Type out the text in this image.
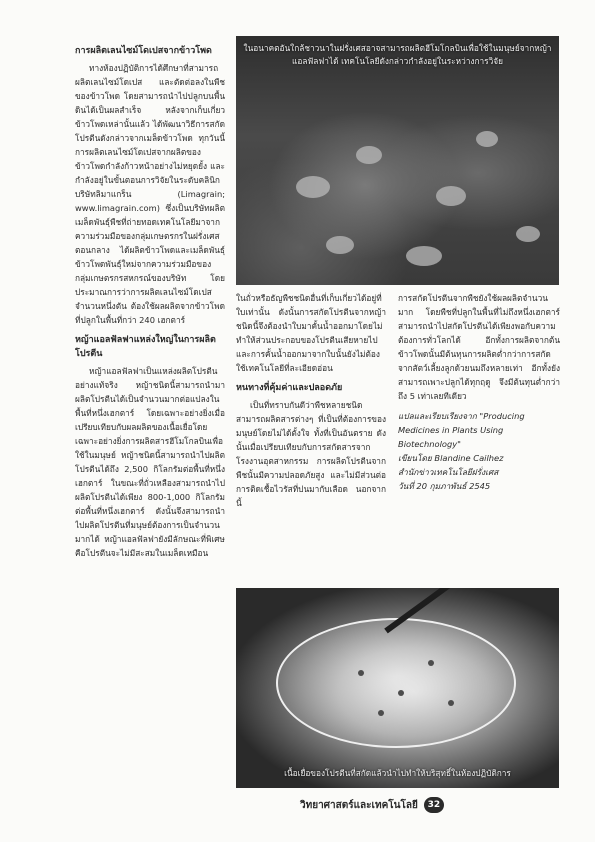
การผลิตเลนไซม์โดเปสจากข้าวโพด

ทางห้องปฏิบัติการได้ศึกษาที่สามารถผลิตเลนไซม์โดเปส และตัดต่อลงในพืชของข้าวโพด โดยสามารถนำไปปลูกบนพื้นดินได้เป็นผลสำเร็จ หลังจากเก็บเกี่ยวข้าวโพดเหล่านั้นแล้ว ได้พัฒนาวิธีการสกัดโปรตีนดังกล่าวจากเมล็ดข้าวโพด ทุกวันนี้การผลิตเลนไซม์โดเปสจากผลิตของข้าวโพดกำลังก้าวหน้าอย่างไม่หยุดยั้ง และกำลังอยู่ในขั้นตอนการวิจัยในระดับคลินิก บริษัทลิมาแกร็น (Limagrain; www.limagrain.com) ซึ่งเป็นบริษัทผลิตเมล็ดพันธุ์พืชที่ถ่ายทอดเทคโนโลยีมาจากความร่วมมือของกลุ่มเกษตรกรในฝรั่งเศสตอนกลาง ได้ผลิตข้าวโพดและเมล็ดพันธุ์ข้าวโพดพันธุ์ใหม่จากความร่วมมือของกลุ่มเกษตรกรสหกรณ์ของบริษัท โดยประมาณการว่าการผลิตเลนไซม์โดเปสจำนวนหนึ่งตัน ต้องใช้ผลผลิตจากข้าวโพดที่ปลูกในพื้นที่กว่า 240 เฮกตาร์

หญ้าแอลฟัลฟาแหล่งใหญ่ในการผลิตโปรตีน

หญ้าแอลฟัลฟาเป็นแหล่งผลิตโปรตีนอย่างแท้จริง หญ้าชนิดนี้สามารถนำมาผลิตโปรตีนได้เป็นจำนวนมากต่อแปลงในพื้นที่หนึ่งเฮกตาร์ โดยเฉพาะอย่างยิ่งเมื่อเปรียบเทียบกับผลผลิตของเนื้อเยื่อโดยเฉพาะอย่างยิ่งการผลิตสารฮีโมโกลบินเพื่อใช้ในมนุษย์ หญ้าชนิดนี้สามารถนำไปผลิตโปรตีนได้ถึง 2,500 กิโลกรัมต่อพื้นที่หนึ่งเฮกตาร์ ในขณะที่ถั่วเหลืองสามารถนำไปผลิตโปรตีนได้เพียง 800-1,000 กิโลกรัมต่อพื้นที่หนึ่งเฮกตาร์ ดังนั้นจึงสามารถนำไปผลิตโปรตีนที่มนุษย์ต้องการเป็นจำนวนมากได้ หญ้าแอลฟัลฟายังมีลักษณะที่พิเศษคือโปรตีนจะไม่มีสะสมในเมล็ดเหมือน

ในอนาคตอันใกล้ชาวนาในฝรั่งเศสอาจสามารถผลิตฮีโมโกลบินเพื่อใช้ในมนุษย์จากหญ้าแอลฟัลฟาได้ เทคโนโลยีดังกล่าวกำลังอยู่ในระหว่างการวิจัย

ในถั่วหรือธัญพืชชนิดอื่นที่เก็บเกี่ยวได้อยู่ที่ใบเท่านั้น ดังนั้นการสกัดโปรตีนจากหญ้าชนิดนี้จึงต้องนำใบมาคั้นน้ำออกมาโดยไม่ทำให้ส่วนประกอบของโปรตีนเสียหายไป และการคั้นน้ำออกมาจากใบนั้นยังไม่ต้องใช้เทคโนโลยีที่ละเอียดอ่อน

หนทางที่คุ้มค่าและปลอดภัย

เป็นที่ทราบกันดีว่าพืชหลายชนิดสามารถผลิตสารต่างๆ ที่เป็นที่ต้องการของมนุษย์โดยไม่ได้ตั้งใจ ทั้งที่เป็นอันตราย ดังนั้นเมื่อเปรียบเทียบกับการสกัดสารจากโรงงานอุตสาหกรรม การผลิตโปรตีนจากพืชนั้นมีความปลอดภัยสูง และไม่มีส่วนต่อการติดเชื้อไวรัสที่ปนมากับเลือด นอกจากนี้

การสกัดโปรตีนจากพืชยังใช้ผลผลิตจำนวนมาก โดยพืชที่ปลูกในพื้นที่ไม่ถึงหนึ่งเฮกตาร์สามารถนำไปสกัดโปรตีนได้เพียงพอกับความต้องการทั่วโลกได้ อีกทั้งการผลิตจากต้นข้าวโพดนั้นมีต้นทุนการผลิตต่ำกว่าการสกัดจากสัตว์เลี้ยงลูกด้วยนมถึงหลายเท่า อีกทั้งยังสามารถเพาะปลูกได้ทุกฤดู จึงมีต้นทุนต่ำกว่าถึง 5 เท่าเลยทีเดียว

แปลและเรียบเรียงจาก "Producing Medicines in Plants Using Biotechnology"
เขียนโดย Blandine Cailhez
สำนักข่าวเทคโนโลยีฝรั่งเศส
วันที่ 20 กุมภาพันธ์ 2545
เนื้อเยื่อของโปรตีนที่สกัดแล้วนำไปทำให้บริสุทธิ์ในห้องปฏิบัติการ
วิทยาศาสตร์และเทคโนโลยี	32
